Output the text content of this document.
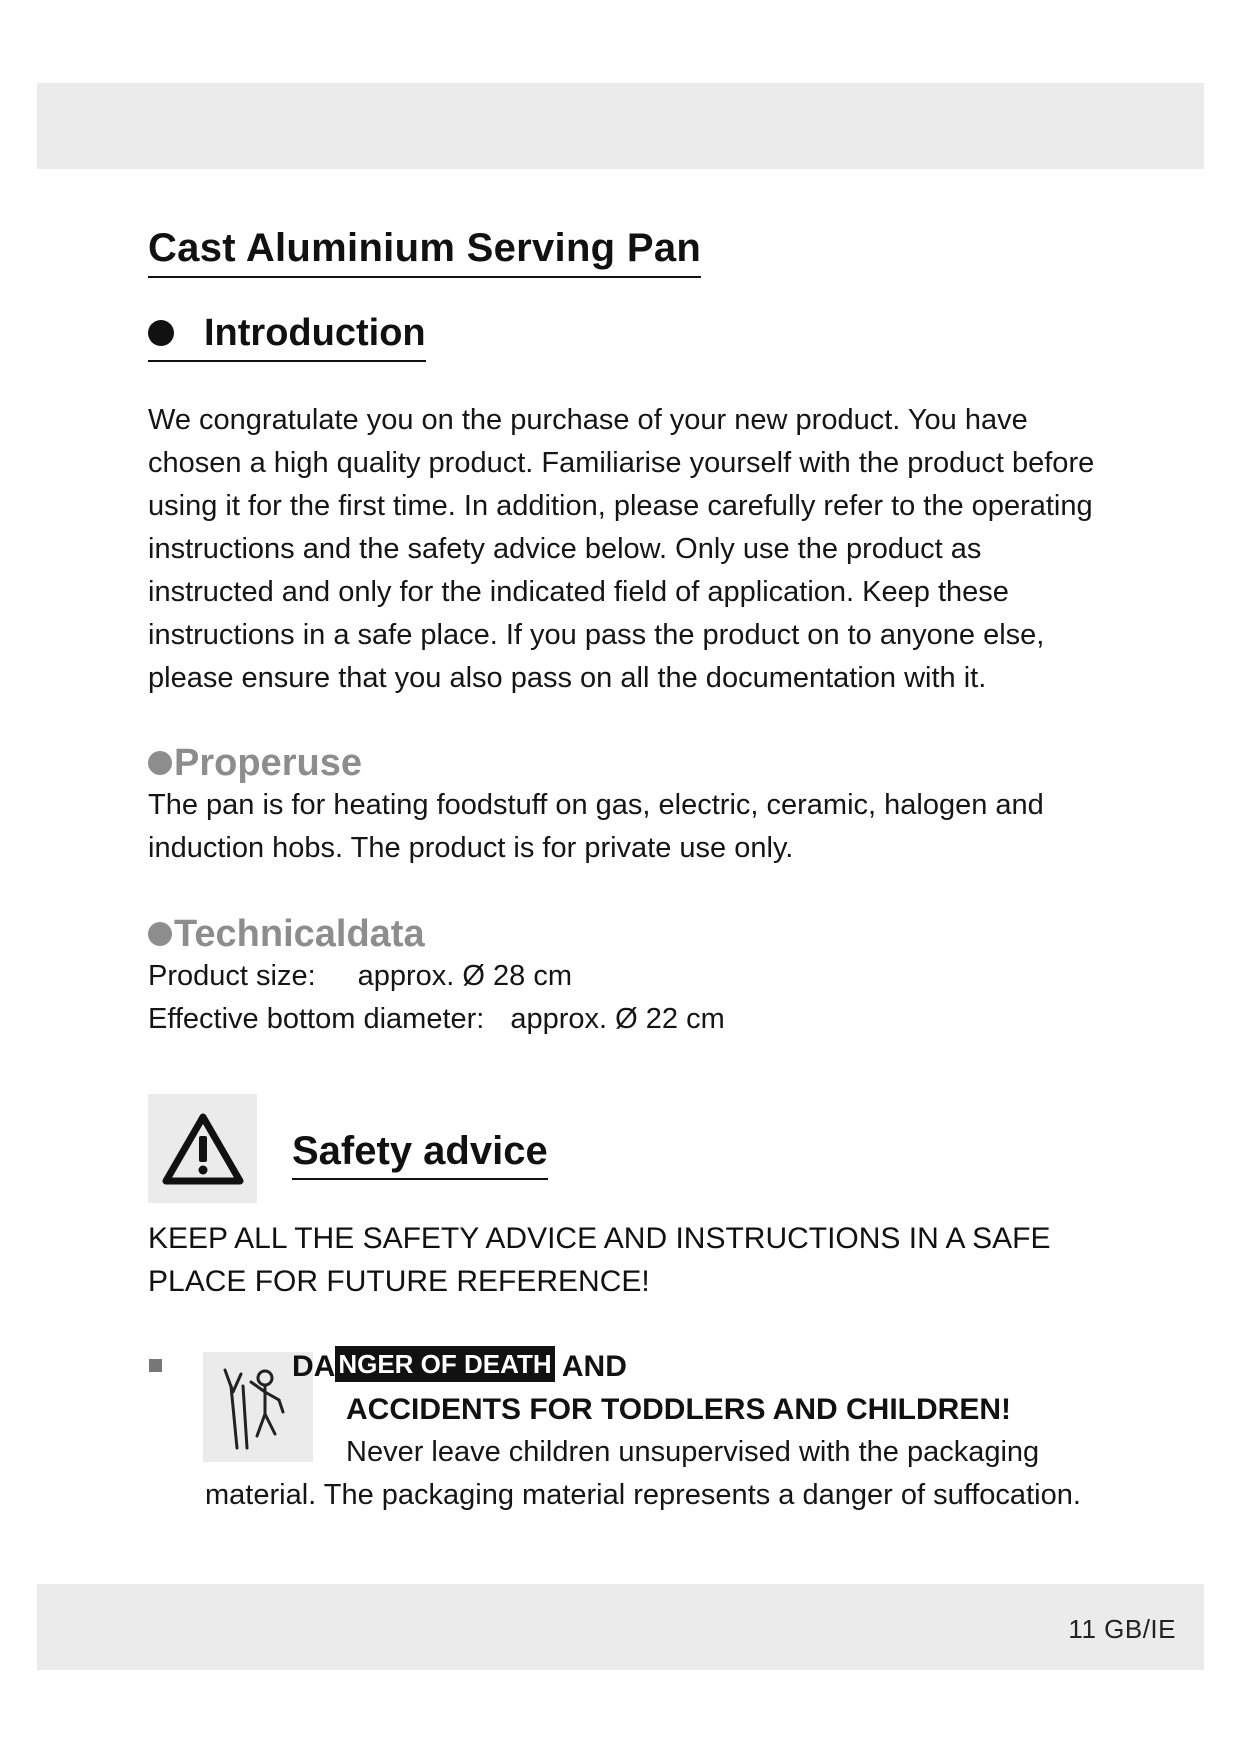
Cast Aluminium Serving Pan
Introduction

We congratulate you on the purchase of your new product. You have chosen a high quality product. Familiarise yourself with the product before using it for the first time. In addition, please carefully refer to the operating instructions and the safety advice below. Only use the product as instructed and only for the indicated field of application. Keep these instructions in a safe place. If you pass the product on to anyone else, please ensure that you also pass on all the documentation with it.

Properuse

The pan is for heating foodstuff on gas, electric, ceramic, halogen and induction hobs. The product is for private use only.

Technicaldata

Product size: approx. Ø 28 cm

Effective bottom diameter: approx. Ø 22 cm

Safety advice

KEEP ALL THE SAFETY ADVICE AND INSTRUCTIONS IN A SAFE PLACE FOR FUTURE REFERENCE!

DA NGER OF DEATH AND

ACCIDENTS FOR TODDLERS AND CHILDREN!

Never leave children unsupervised with the packaging

material. The packaging material represents a danger of suffocation.

11 GB/IE
